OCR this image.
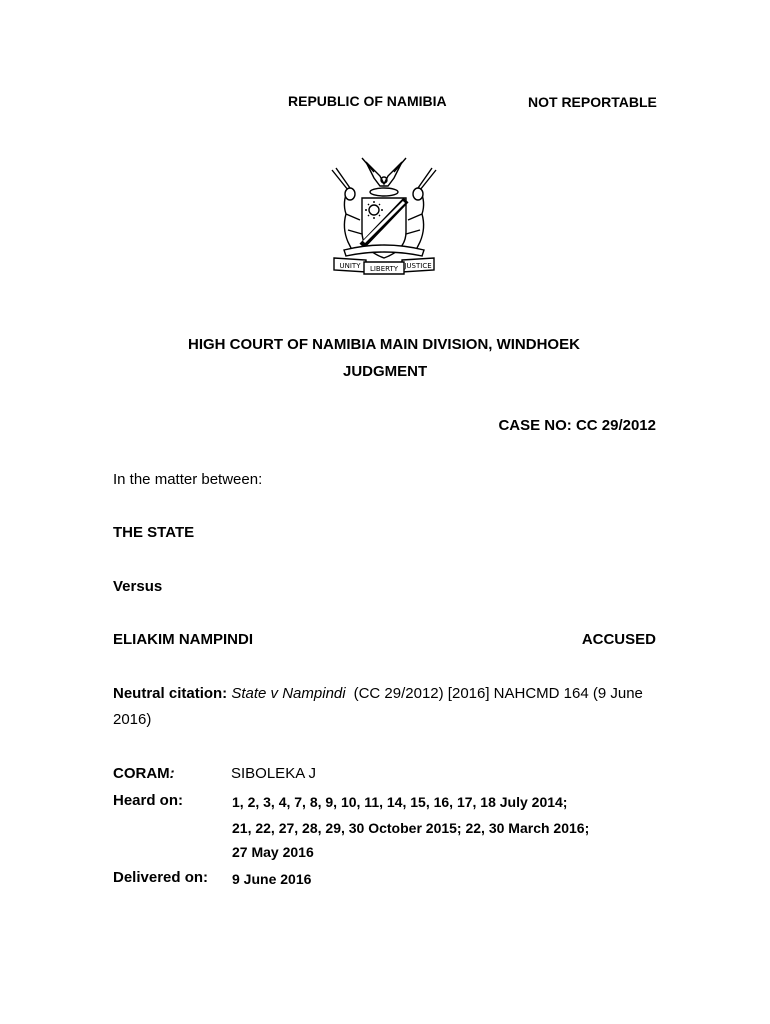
REPUBLIC OF NAMIBIA	NOT REPORTABLE
UNITY LIBERTY JUSTICE
HIGH COURT OF NAMIBIA MAIN DIVISION, WINDHOEK
JUDGMENT
CASE NO: CC 29/2012
In the matter between:
THE STATE
Versus
ELIAKIM NAMPINDI	ACCUSED
Neutral citation: State v Nampindi (CC 29/2012) [2016] NAHCMD 164 (9 June
2016)
CORAM:	SIBOLEKA J
Heard on:	1, 2, 3, 4, 7, 8, 9, 10, 11, 14, 15, 16, 17, 18 July 2014;
21, 22, 27, 28, 29, 30 October 2015; 22, 30 March 2016;
27 May 2016
Delivered on: 9 June 2016
